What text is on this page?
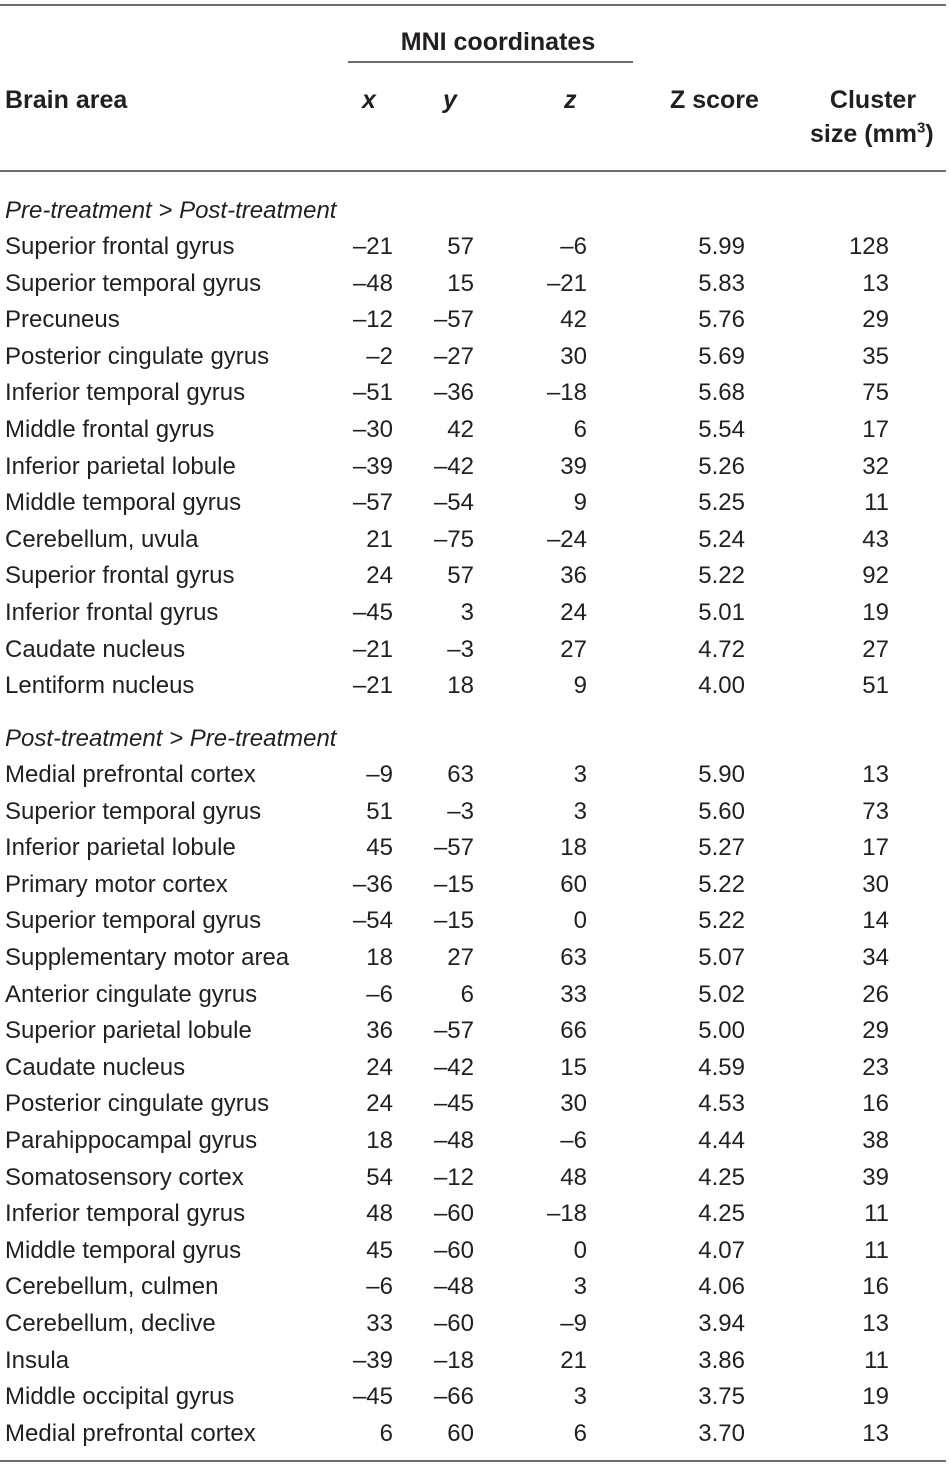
MNI coordinates
Brain area	x	y	z	Z score	Cluster
size $(mm^3)$
Pre-treatment > Post-treatment
Superior frontal gyrus	–21 57	–6	5.99	128
Superior temporal gyrus	–48 15	–21	5.83	13
Precuneus	–12 –57	42	5.76	29
Posterior cingulate gyrus	–2 –27	30	5.69	35
Inferior temporal gyrus	–51 –36	–18	5.68	75
Middle frontal gyrus	–30 42	6	5.54	17
Inferior parietal lobule	–39 –42	39	5.26	32
Middle temporal gyrus	–57 –54	9	5.25	11
Cerebellum, uvula	21 –75	–24	5.24	43
Superior frontal gyrus	24 57	36	5.22	92
Inferior frontal gyrus	–45	3	24	5.01	19
Caudate nucleus	–21 –3	27	4.72	27
Lentiform nucleus	–21 18	9	4.00	51
Post-treatment > Pre-treatment
Medial prefrontal cortex	–9 63	3	5.90	13
Superior temporal gyrus	51 –3	3	5.60	73
Inferior parietal lobule	45 –57	18	5.27	17
Primary motor cortex	–36 –15	60	5.22	30
Superior temporal gyrus	–54 –15	0	5.22	14
Supplementary motor area	18 27	63	5.07	34
Anterior cingulate gyrus	–6	6	33	5.02	26
Superior parietal lobule	36 –57	66	5.00	29
Caudate nucleus	24 –42	15	4.59	23
Posterior cingulate gyrus	24 –45	30	4.53	16
Parahippocampal gyrus	18 –48	–6	4.44	38
Somatosensory cortex	54 –12	48	4.25	39
Inferior temporal gyrus	48 –60	–18	4.25	11
Middle temporal gyrus	45 –60	0	4.07	11
Cerebellum, culmen	–6 –48	3	4.06	16
Cerebellum, declive	33 –60	–9	3.94	13
Insula	–39 –18	21	3.86	11
Middle occipital gyrus	–45 –66	3	3.75	19
Medial prefrontal cortex	6 60	6	3.70	13
